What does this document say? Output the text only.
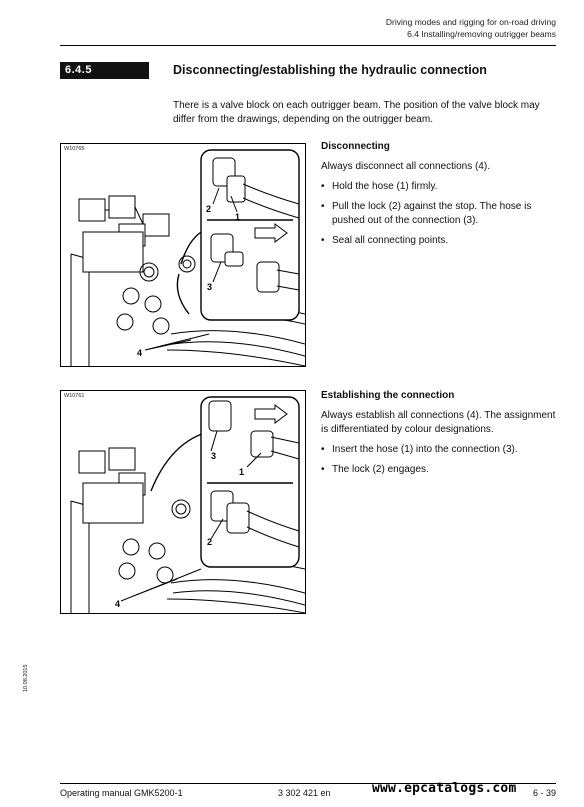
Driving modes and rigging for on-road driving
6.4 Installing/removing outrigger beams
6.4.5	Disconnecting/establishing the hydraulic connection
There is a valve block on each outrigger beam. The position of the valve block may differ from the drawings, depending on the outrigger beam.
2
1
3
4
W10765	Disconnecting

Always disconnect all connections (4).

• Hold the hose (1) firmly.
• Pull the lock (2) against the stop. The hose is pushed out of the connection (3).
• Seal all connecting points.
3
1
2
4
W10761	Establishing the connection

Always establish all connections (4). The assignment is differentiated by colour designations.

• Insert the hose (1) into the connection (3).
• The lock (2) engages.
10.08.2015
Operating manual GMK5200-1	3 302 421 en	6 - 39
www.epcatalogs.com
